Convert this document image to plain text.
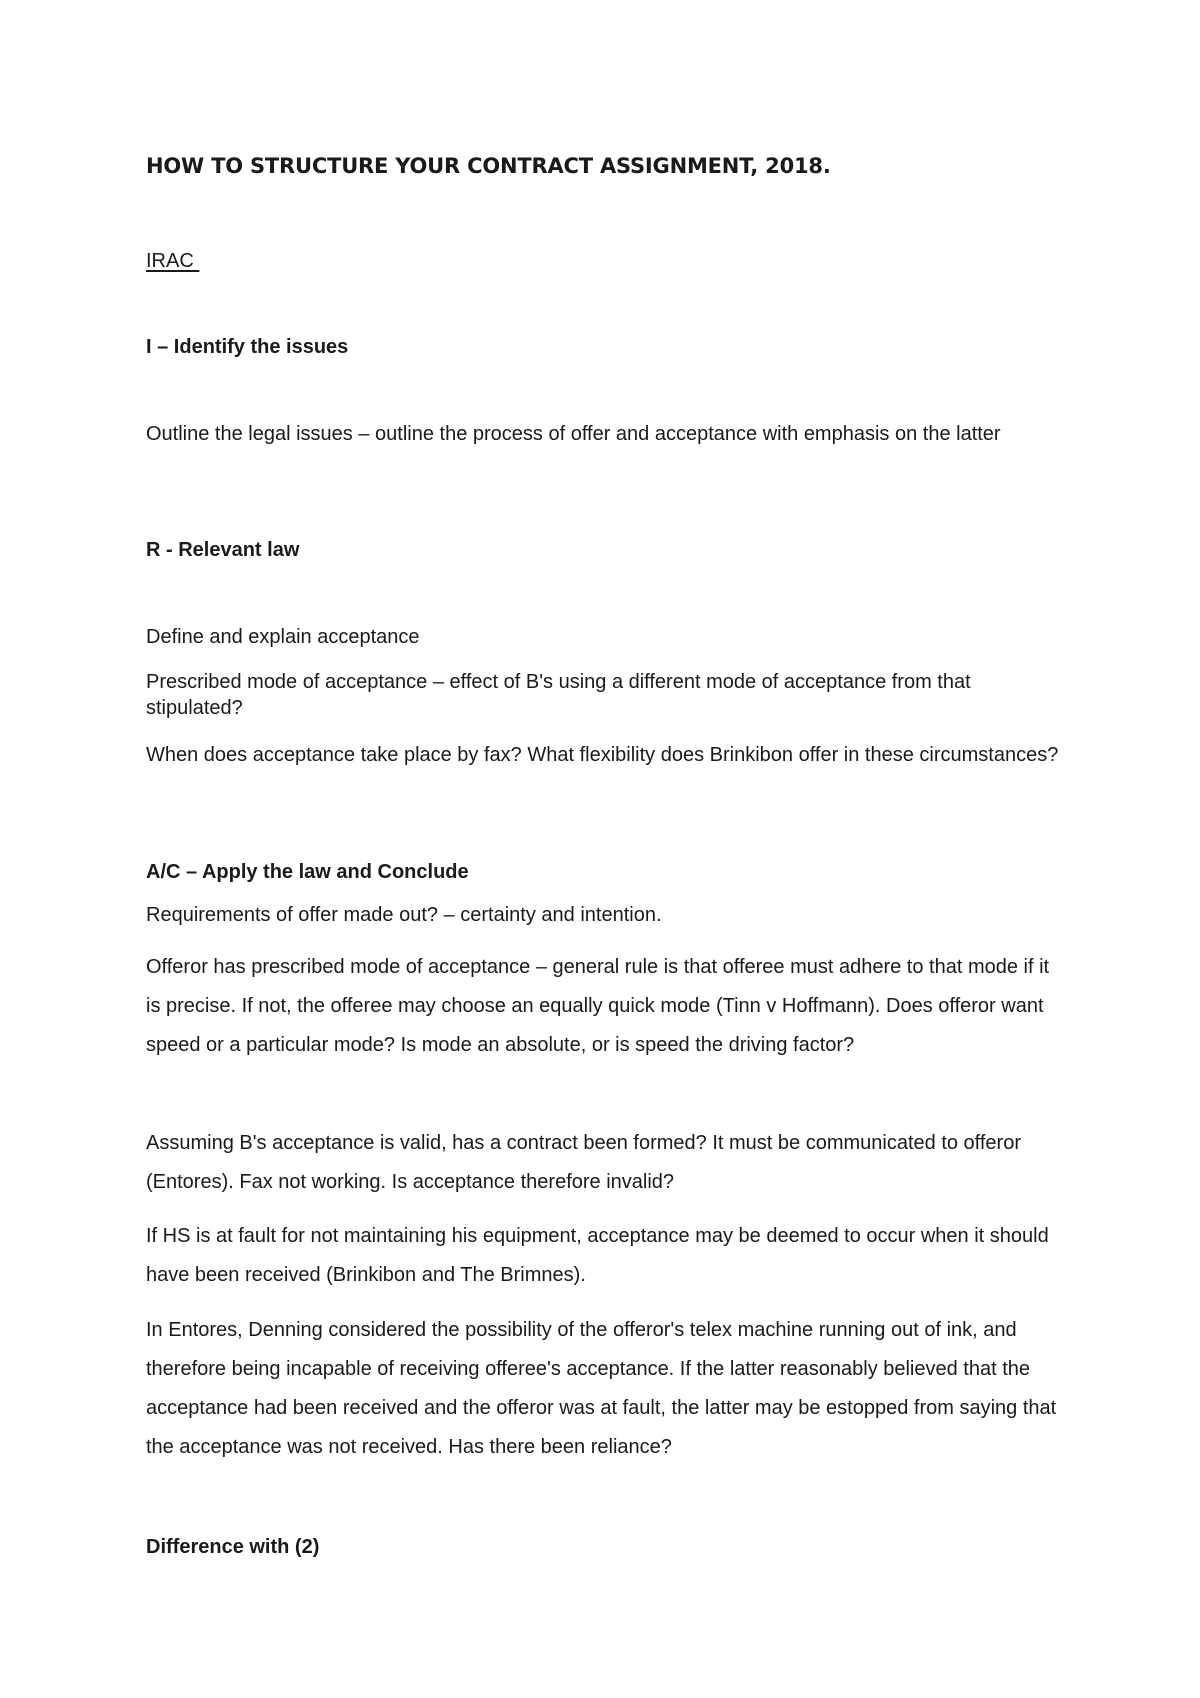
HOW TO STRUCTURE YOUR CONTRACT ASSIGNMENT, 2018.
IRAC
I – Identify the issues

Outline the legal issues – outline the process of offer and acceptance with emphasis on the latter

R - Relevant law

Define and explain acceptance

Prescribed mode of acceptance – effect of B's using a different mode of acceptance from that stipulated?

When does acceptance take place by fax? What flexibility does Brinkibon offer in these circumstances?

A/C – Apply the law and Conclude

Requirements of offer made out? – certainty and intention.

Offeror has prescribed mode of acceptance – general rule is that offeree must adhere to that mode if it is precise. If not, the offeree may choose an equally quick mode (Tinn v Hoffmann). Does offeror want speed or a particular mode? Is mode an absolute, or is speed the driving factor?

Assuming B's acceptance is valid, has a contract been formed? It must be communicated to offeror (Entores). Fax not working. Is acceptance therefore invalid?

If HS is at fault for not maintaining his equipment, acceptance may be deemed to occur when it should have been received (Brinkibon and The Brimnes).

In Entores, Denning considered the possibility of the offeror's telex machine running out of ink, and therefore being incapable of receiving offeree's acceptance. If the latter reasonably believed that the acceptance had been received and the offeror was at fault, the latter may be estopped from saying that the acceptance was not received. Has there been reliance?

Difference with (2)
